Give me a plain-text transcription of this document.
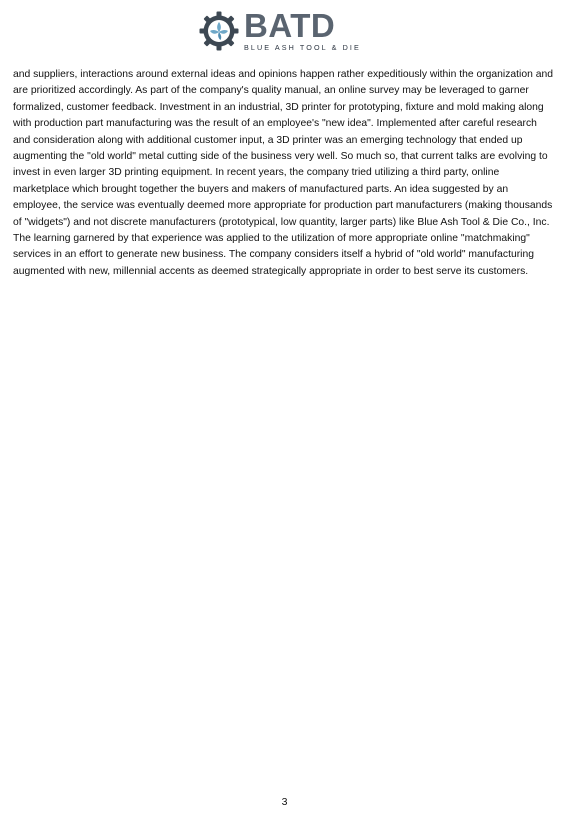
BATD
BLUE ASH TOOL & DIE

and suppliers, interactions around external ideas and opinions happen rather expeditiously within the organization and are prioritized accordingly. As part of the company's quality manual, an online survey may be leveraged to garner formalized, customer feedback. Investment in an industrial, 3D printer for prototyping, fixture and mold making along with production part manufacturing was the result of an employee's "new idea". Implemented after careful research and consideration along with additional customer input, a 3D printer was an emerging technology that ended up augmenting the "old world" metal cutting side of the business very well. So much so, that current talks are evolving to invest in even larger 3D printing equipment. In recent years, the company tried utilizing a third party, online marketplace which brought together the buyers and makers of manufactured parts. An idea suggested by an employee, the service was eventually deemed more appropriate for production part manufacturers (making thousands of "widgets") and not discrete manufacturers (prototypical, low quantity, larger parts) like Blue Ash Tool & Die Co., Inc. The learning garnered by that experience was applied to the utilization of more appropriate online "matchmaking" services in an effort to generate new business. The company considers itself a hybrid of "old world" manufacturing augmented with new, millennial accents as deemed strategically appropriate in order to best serve its customers.

3
